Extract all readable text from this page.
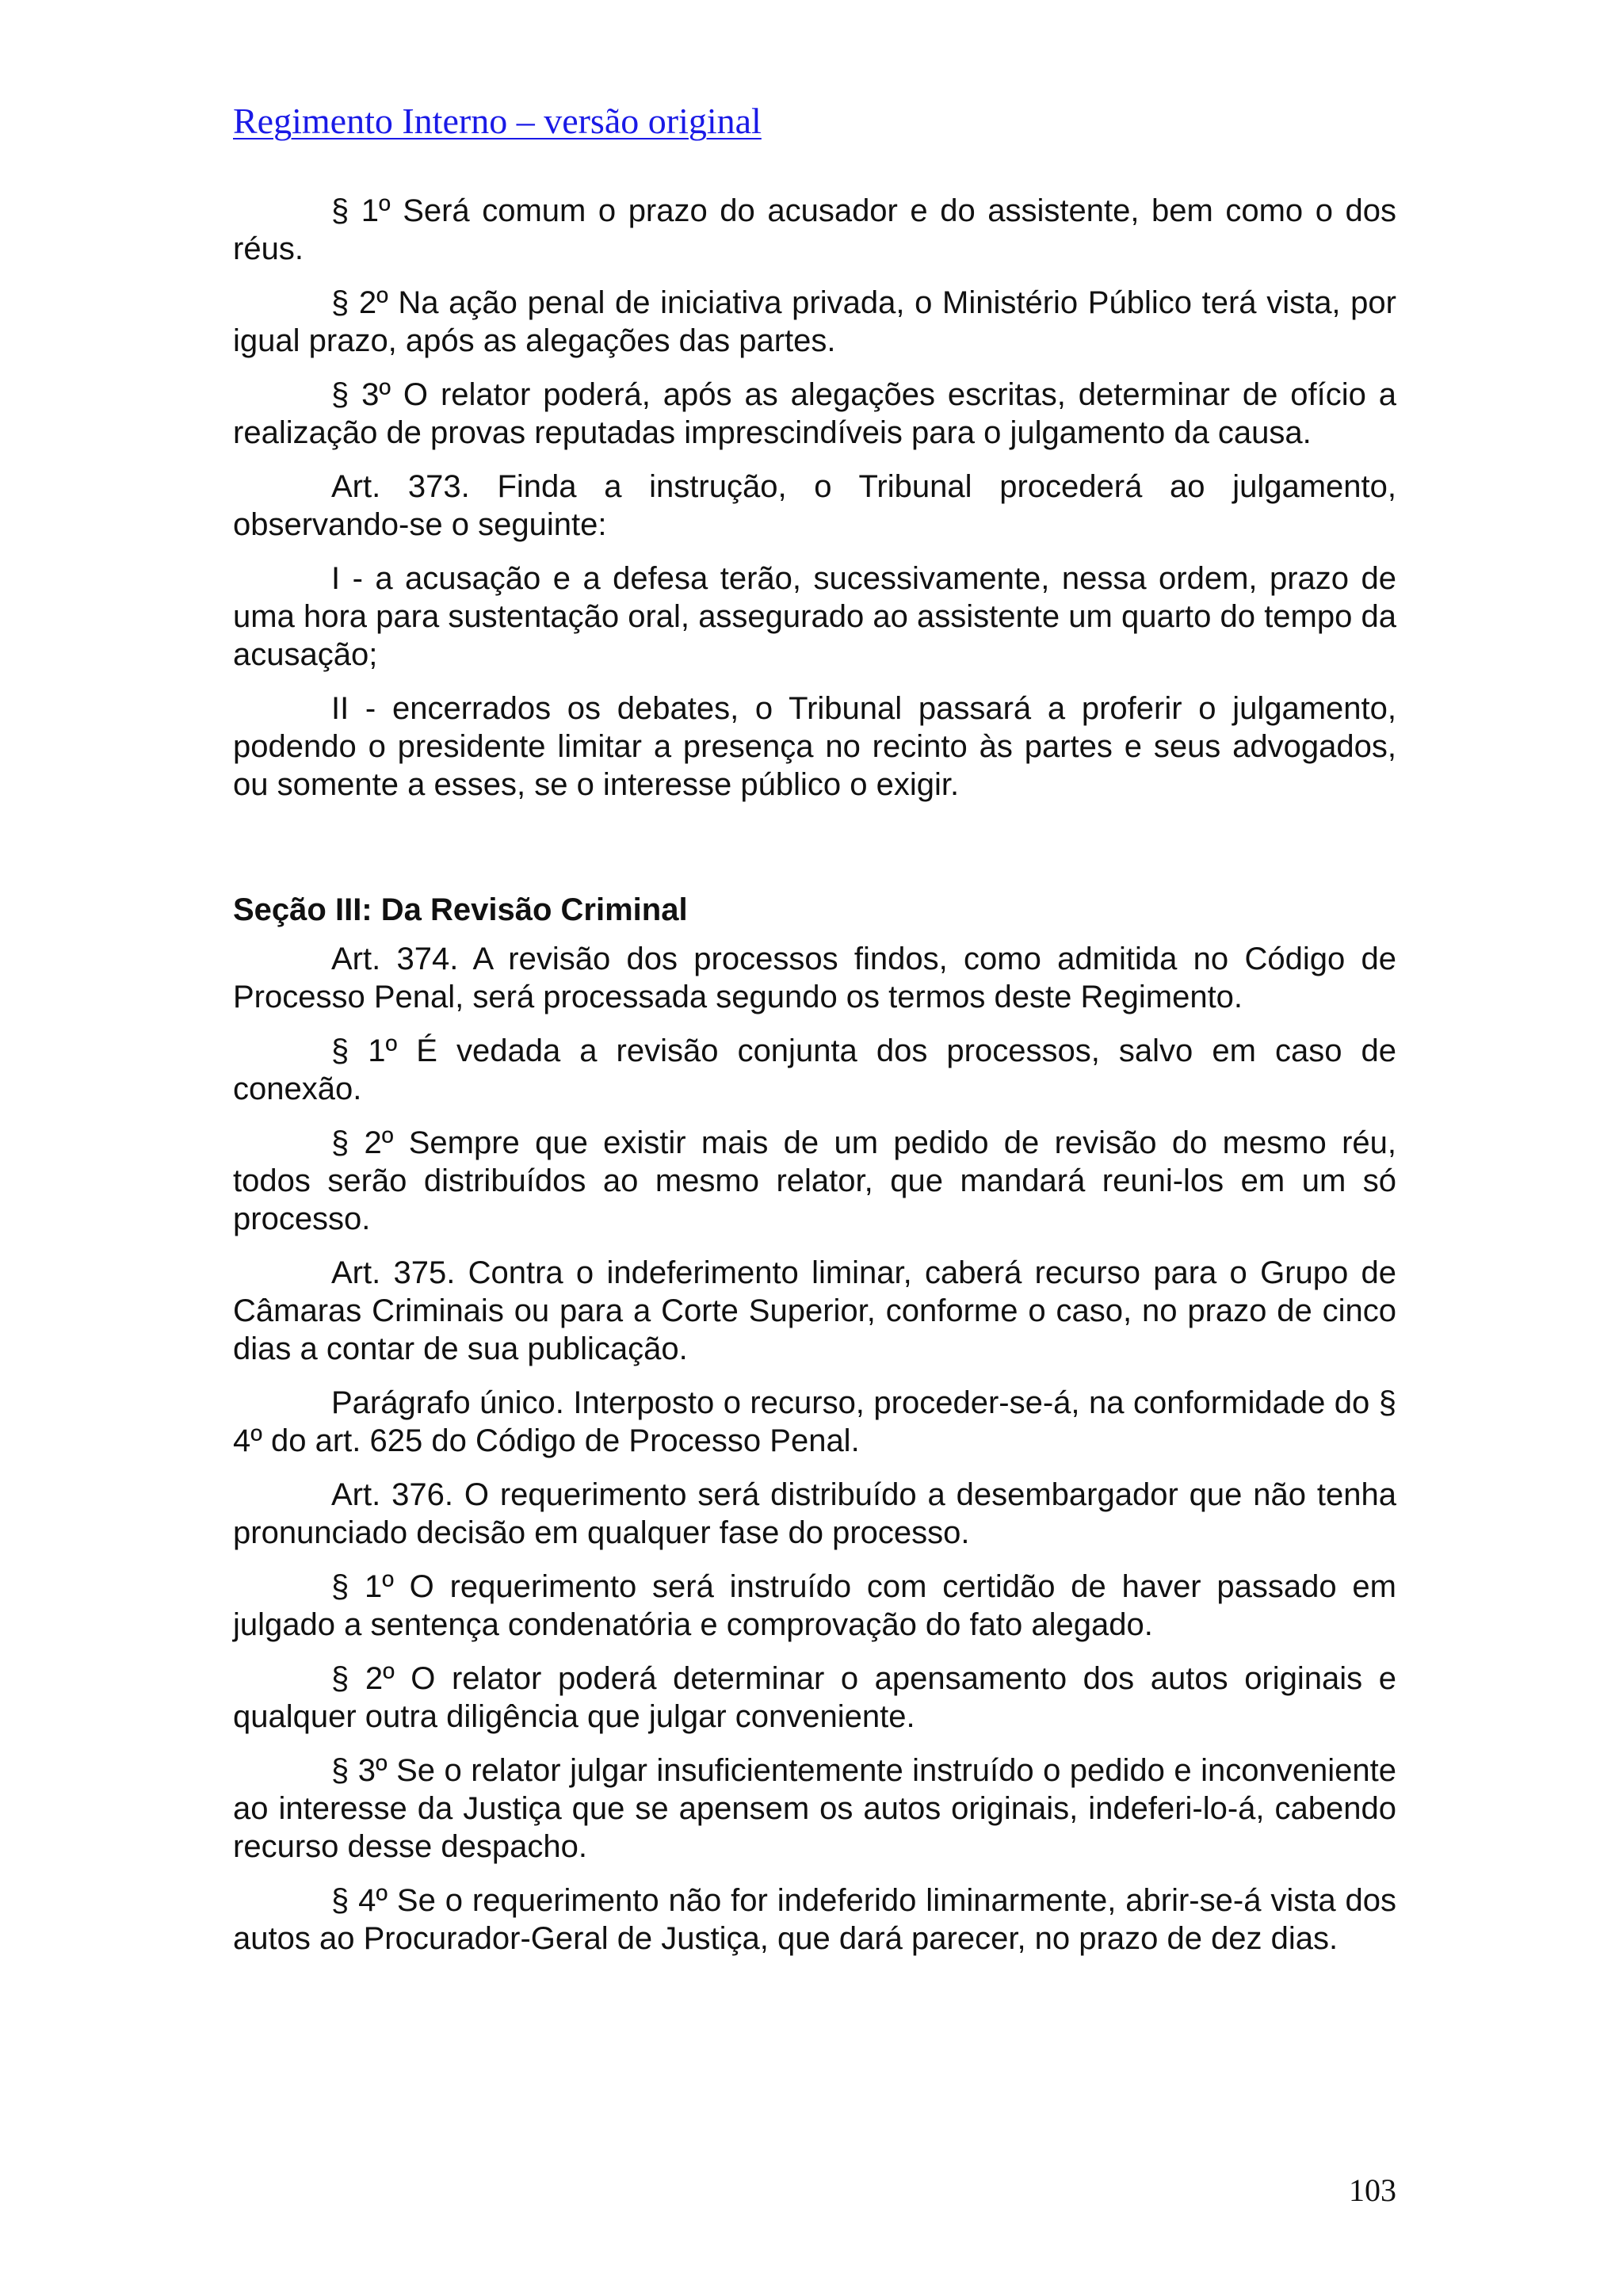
Regimento Interno – versão original

§ 1º Será comum o prazo do acusador e do assistente, bem como o dos réus.

§ 2º Na ação penal de iniciativa privada, o Ministério Público terá vista, por igual prazo, após as alegações das partes.

§ 3º O relator poderá, após as alegações escritas, determinar de ofício a realização de provas reputadas imprescindíveis para o julgamento da causa.

Art. 373. Finda a instrução, o Tribunal procederá ao julgamento, observando-se o seguinte:

I - a acusação e a defesa terão, sucessivamente, nessa ordem, prazo de uma hora para sustentação oral, assegurado ao assistente um quarto do tempo da acusação;

II - encerrados os debates, o Tribunal passará a proferir o julgamento, podendo o presidente limitar a presença no recinto às partes e seus advogados, ou somente a esses, se o interesse público o exigir.

Seção III: Da Revisão Criminal

Art. 374. A revisão dos processos findos, como admitida no Código de Processo Penal, será processada segundo os termos deste Regimento.

§ 1º É vedada a revisão conjunta dos processos, salvo em caso de conexão.

§ 2º Sempre que existir mais de um pedido de revisão do mesmo réu, todos serão distribuídos ao mesmo relator, que mandará reuni-los em um só processo.

Art. 375. Contra o indeferimento liminar, caberá recurso para o Grupo de Câmaras Criminais ou para a Corte Superior, conforme o caso, no prazo de cinco dias a contar de sua publicação.

Parágrafo único. Interposto o recurso, proceder-se-á, na conformidade do § 4º do art. 625 do Código de Processo Penal.

Art. 376. O requerimento será distribuído a desembargador que não tenha pronunciado decisão em qualquer fase do processo.

§ 1º O requerimento será instruído com certidão de haver passado em julgado a sentença condenatória e comprovação do fato alegado.

§ 2º O relator poderá determinar o apensamento dos autos originais e qualquer outra diligência que julgar conveniente.

§ 3º Se o relator julgar insuficientemente instruído o pedido e inconveniente ao interesse da Justiça que se apensem os autos originais, indeferi-lo-á, cabendo recurso desse despacho.

§ 4º Se o requerimento não for indeferido liminarmente, abrir-se-á vista dos autos ao Procurador-Geral de Justiça, que dará parecer, no prazo de dez dias.

103
